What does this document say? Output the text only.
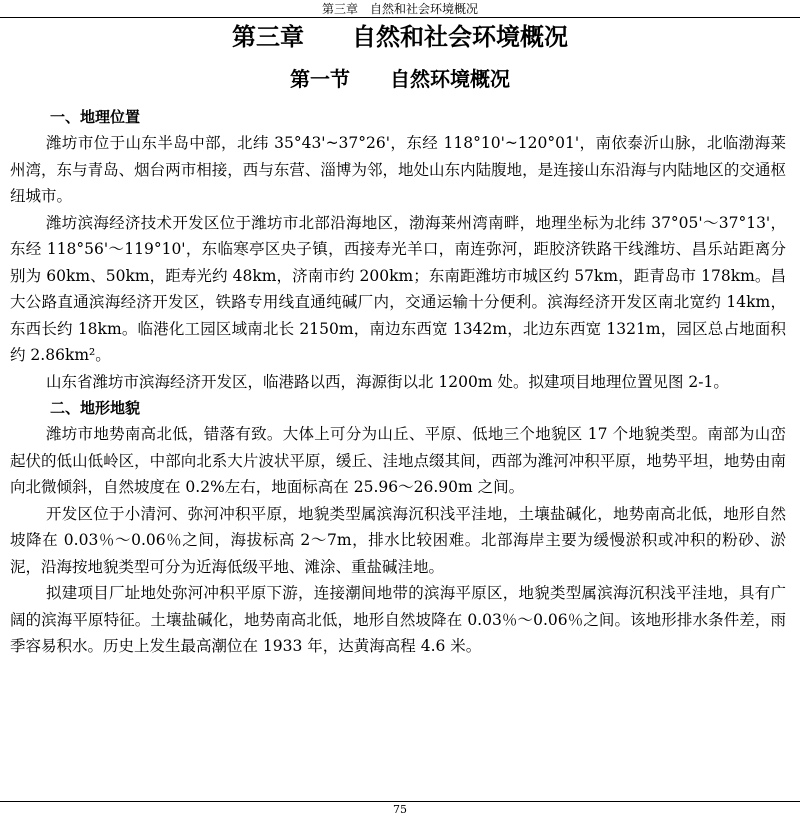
第三章　自然和社会环境概况
第三章　　自然和社会环境概况
第一节　　自然环境概况
一、地理位置

潍坊市位于山东半岛中部，北纬 35°43'~37°26'，东经 118°10'~120°01'，南依泰沂山脉，北临渤海莱州湾，东与青岛、烟台两市相接，西与东营、淄博为邻，地处山东内陆腹地，是连接山东沿海与内陆地区的交通枢纽城市。

潍坊滨海经济技术开发区位于潍坊市北部沿海地区，渤海莱州湾南畔，地理坐标为北纬 37°05'～37°13'，东经 118°56'～119°10'，东临寒亭区央子镇，西接寿光羊口，南连弥河，距胶济铁路干线潍坊、昌乐站距离分别为 60km、50km，距寿光约 48km，济南市约 200km；东南距潍坊市城区约 57km，距青岛市 178km。昌大公路直通滨海经济开发区，铁路专用线直通纯碱厂内，交通运输十分便利。滨海经济开发区南北宽约 14km，东西长约 18km。临港化工园区域南北长 2150m，南边东西宽 1342m，北边东西宽 1321m，园区总占地面积约 2.86km²。

山东省潍坊市滨海经济开发区，临港路以西，海源街以北 1200m 处。拟建项目地理位置见图 2-1。

二、地形地貌

潍坊市地势南高北低，错落有致。大体上可分为山丘、平原、低地三个地貌区 17 个地貌类型。南部为山峦起伏的低山低岭区，中部向北系大片波状平原，缓丘、洼地点缀其间，西部为潍河冲积平原，地势平坦，地势由南向北微倾斜，自然坡度在 0.2%左右，地面标高在 25.96～26.90m 之间。

开发区位于小清河、弥河冲积平原，地貌类型属滨海沉积浅平洼地，土壤盐碱化，地势南高北低，地形自然坡降在 0.03％～0.06％之间，海拔标高 2～7m，排水比较困难。北部海岸主要为缓慢淤积或冲积的粉砂、淤泥，沿海按地貌类型可分为近海低级平地、滩涂、重盐碱洼地。

拟建项目厂址地处弥河冲积平原下游，连接潮间地带的滨海平原区，地貌类型属滨海沉积浅平洼地，具有广阔的滨海平原特征。土壤盐碱化，地势南高北低，地形自然坡降在 0.03％～0.06％之间。该地形排水条件差，雨季容易积水。历史上发生最高潮位在 1933 年，达黄海高程 4.6 米。

75
